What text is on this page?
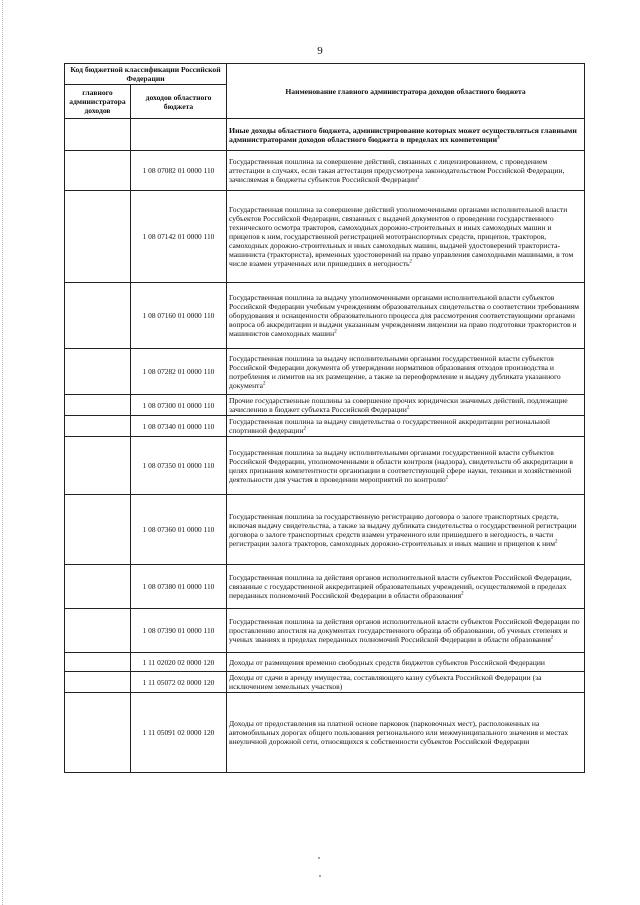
9
Код бюджетной классификации Российской Федерации		Наименование главного администратора доходов областного бюджета
главного администратора доходов	доходов областного бюджета	
		Иные доходы областного бюджета, администрирование которых может осуществляться главными администраторами доходов областного бюджета в пределах их компетенции$^3$
	1 08 07082 01 0000 110	Государственная пошлина за совершение действий, связанных с лицензированием, с проведением аттестации в случаях, если такая аттестация предусмотрена законодательством Российской Федерации, зачисляемая в бюджеты субъектов Российской Федерации$^2$
	1 08 07142 01 0000 110	Государственная пошлина за совершение действий уполномоченными органами исполнительной власти субъектов Российской Федерации, связанных с выдачей документов о проведении государственного технического осмотра тракторов, самоходных дорожно-строительных и иных самоходных машин и прицепов к ним, государственной регистрацией мототранспортных средств, прицепов, тракторов, самоходных дорожно-строительных и иных самоходных машин, выдачей удостоверений тракториста-машиниста (тракториста), временных удостоверений на право управления самоходными машинами, в том числе взамен утраченных или пришедших в негодность$^2$
	1 08 07160 01 0000 110	Государственная пошлина за выдачу уполномоченными органами исполнительной власти субъектов Российской Федерации учебным учреждениям образовательных свидетельства о соответствии требованиям оборудования и оснащенности образовательного процесса для рассмотрения соответствующими органами вопроса об аккредитации и выдачи указанным учреждениям лицензии на право подготовки трактористов и машинистов самоходных машин$^2$
	1 08 07282 01 0000 110	Государственная пошлина за выдачу исполнительными органами государственной власти субъектов Российской Федерации документа об утверждении нормативов образования отходов производства и потребления и лимитов на их размещение, а также за переоформление и выдачу дубликата указанного документа$^2$
	1 08 07300 01 0000 110	Прочие государственные пошлины за совершение прочих юридически значимых действий, подлежащие зачислению в бюджет субъекта Российской Федерации$^2$
	1 08 07340 01 0000 110	Государственная пошлина за выдачу свидетельства о государственной аккредитации региональной спортивной федерации$^2$
	1 08 07350 01 0000 110	Государственная пошлина за выдачу исполнительными органами государственной власти субъектов Российской Федерации, уполномоченными в области контроля (надзора), свидетельств об аккредитации в целях признания компетентности организации в соответствующей сфере науки, техники и хозяйственной деятельности для участия в проведении мероприятий по контролю$^2$
	1 08 07360 01 0000 110	Государственная пошлина за государственную регистрацию договора о залоге транспортных средств, включая выдачу свидетельства, а также за выдачу дубликата свидетельства о государственной регистрации договора о залоге транспортных средств взамен утраченного или пришедшего в негодность, в части регистрации залога тракторов, самоходных дорожно-строительных и иных машин и прицепов к ним$^2$
	1 08 07380 01 0000 110	Государственная пошлина за действия органов исполнительной власти субъектов Российской Федерации, связанные с государственной аккредитацией образовательных учреждений, осуществляемой в пределах переданных полномочий Российской Федерации в области образования$^2$
	1 08 07390 01 0000 110	Государственная пошлина за действия органов исполнительной власти субъектов Российской Федерации по проставлению апостиля на документах государственного образца об образовании, об ученых степенях и ученых званиях в пределах переданных полномочий Российской Федерации в области образования$^2$
	1 11 02020 02 0000 120	Доходы от размещения временно свободных средств бюджетов субъектов Российской Федерации
	1 11 05072 02 0000 120	Доходы от сдачи в аренду имущества, составляющего казну субъекта Российской Федерации (за исключением земельных участков)
	1 11 05091 02 0000 120	Доходы от предоставления на платной основе парковок (парковочных мест), расположенных на автомобильных дорогах общего пользования регионального или межмуниципального значения и местах внеуличной дорожной сети, относящихся к собственности субъектов Российской Федерации
